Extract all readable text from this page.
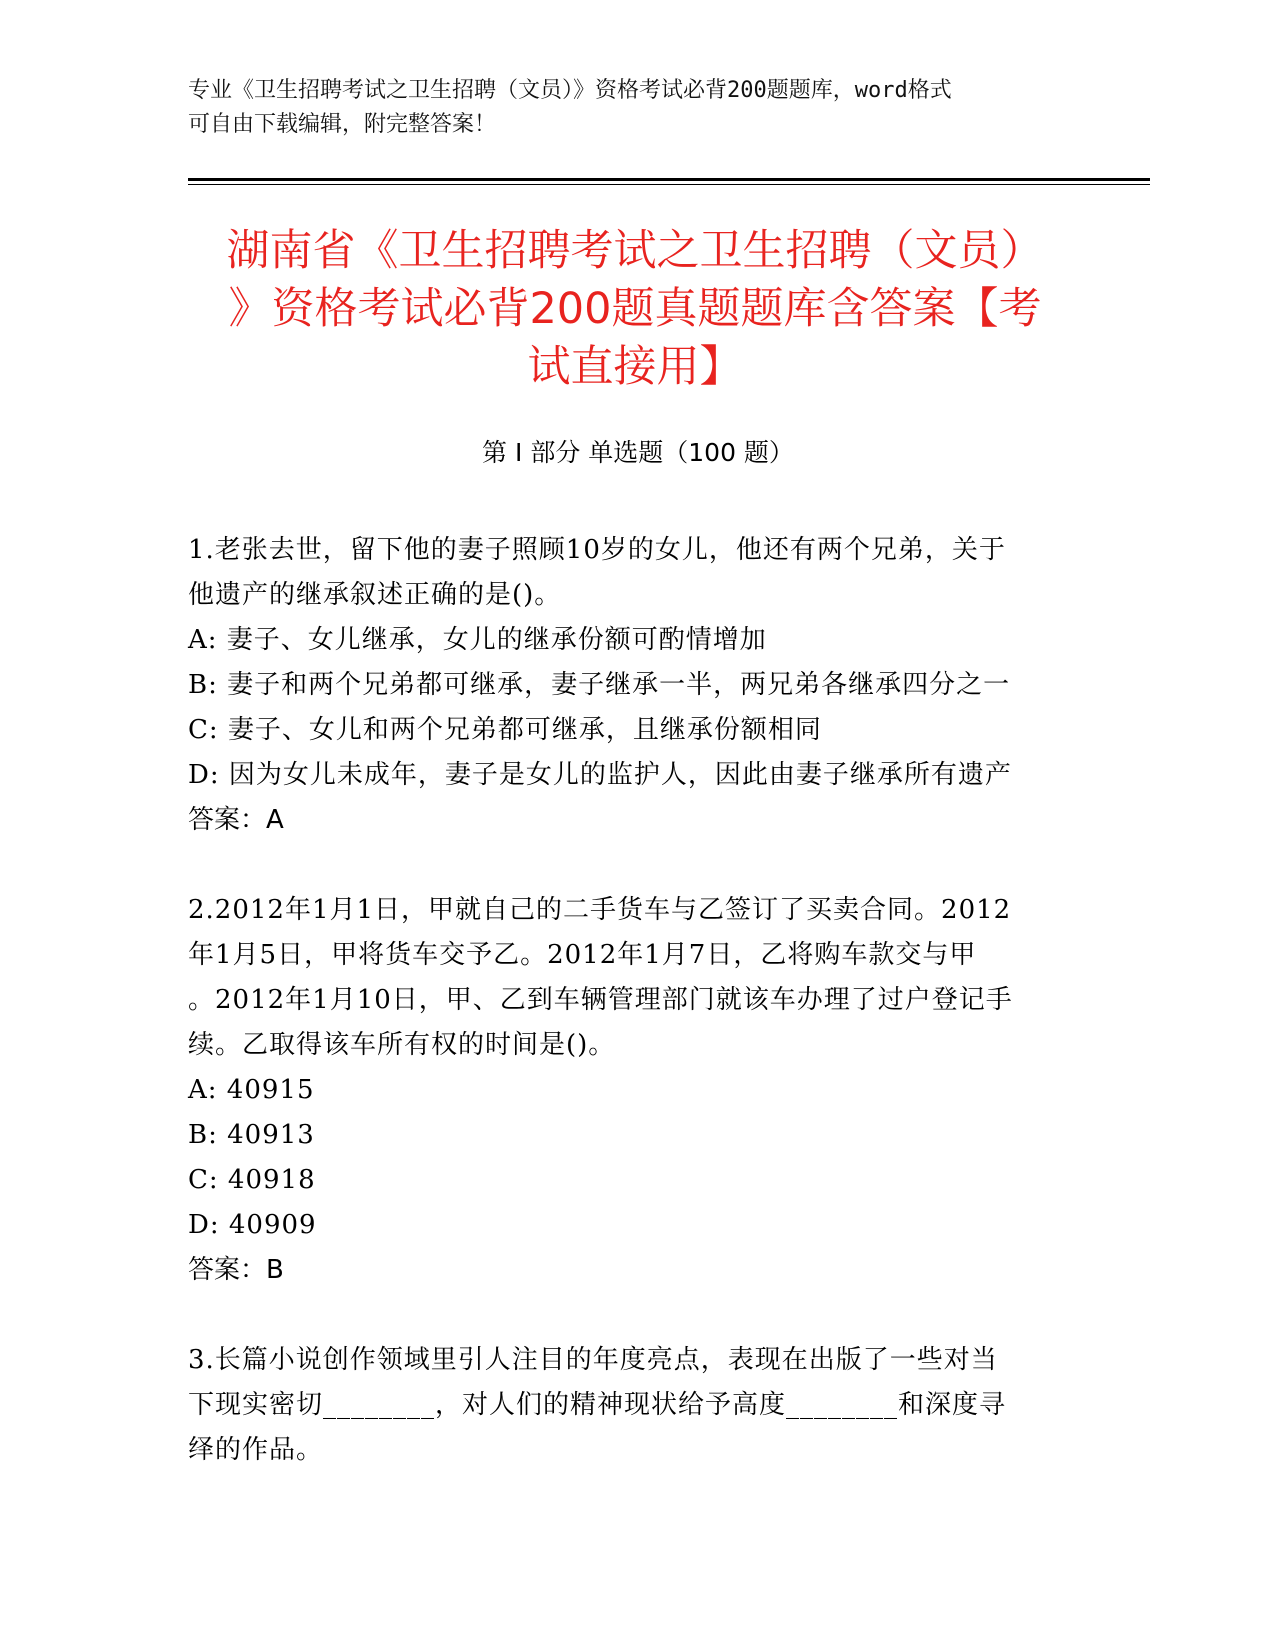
专业《卫生招聘考试之卫生招聘（文员）》资格考试必背200题题库，word格式
可自由下载编辑，附完整答案！
湖南省《卫生招聘考试之卫生招聘（文员）
》资格考试必背200题真题题库含答案【考
试直接用】
第 I 部分 单选题（100 题）
1.老张去世，留下他的妻子照顾10岁的女儿，他还有两个兄弟，关于
他遗产的继承叙述正确的是()。
A: 妻子、女儿继承，女儿的继承份额可酌情增加
B: 妻子和两个兄弟都可继承，妻子继承一半，两兄弟各继承四分之一
C: 妻子、女儿和两个兄弟都可继承，且继承份额相同
D: 因为女儿未成年，妻子是女儿的监护人，因此由妻子继承所有遗产
答案：A
2.2012年1月1日，甲就自己的二手货车与乙签订了买卖合同。2012
年1月5日，甲将货车交予乙。2012年1月7日，乙将购车款交与甲
。2012年1月10日，甲、乙到车辆管理部门就该车办理了过户登记手
续。乙取得该车所有权的时间是()。
A: 40915
B: 40913
C: 40918
D: 40909
答案：B
3.长篇小说创作领域里引人注目的年度亮点，表现在出版了一些对当
下现实密切________，对人们的精神现状给予高度________和深度寻
绎的作品。
